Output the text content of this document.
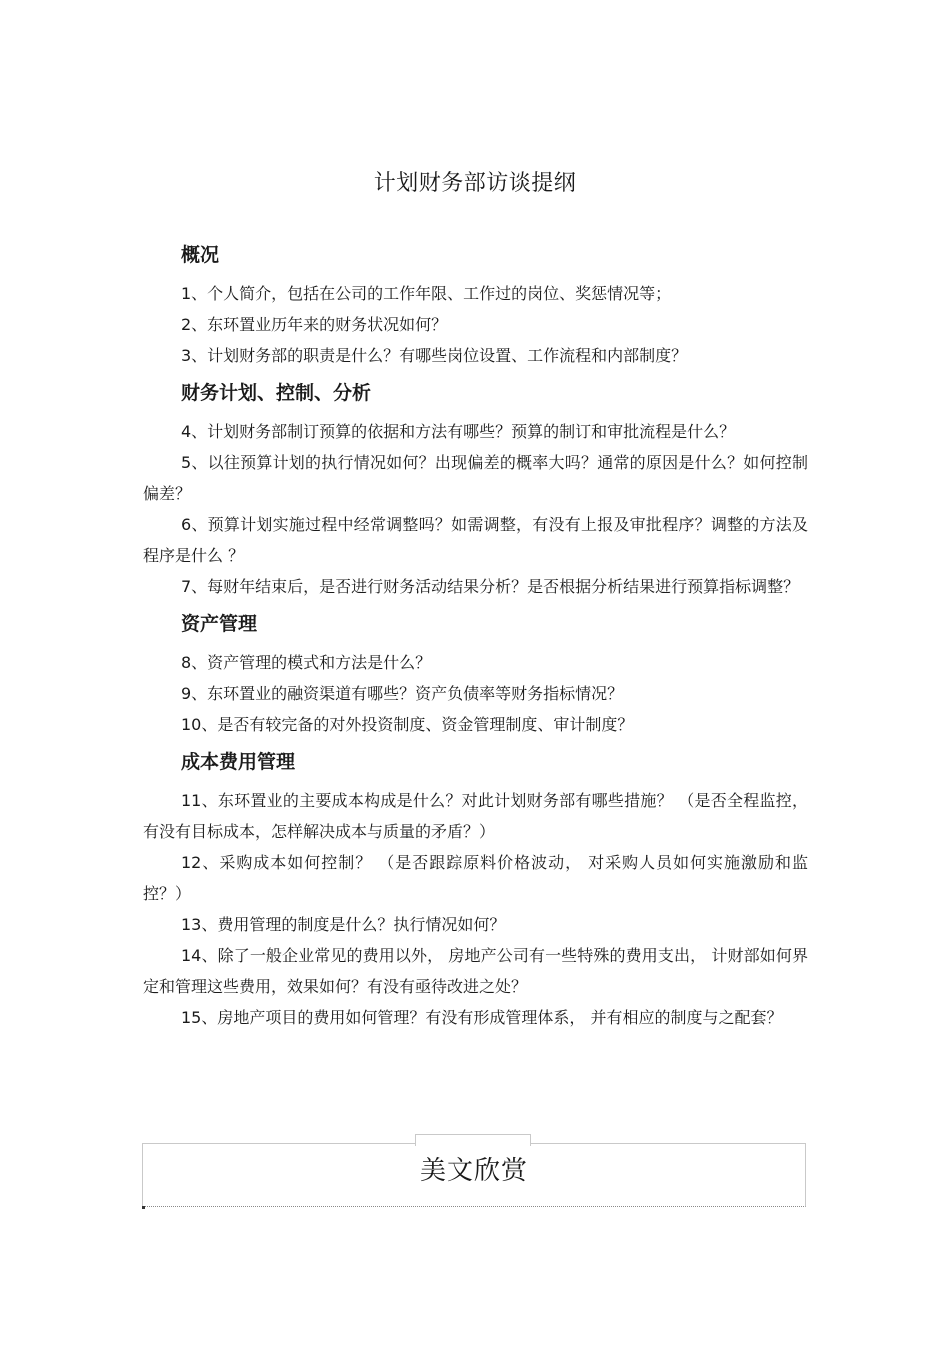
计划财务部访谈提纲
概况

1、个人简介，包括在公司的工作年限、工作过的岗位、奖惩情况等；

2、东环置业历年来的财务状况如何？

3、计划财务部的职责是什么？有哪些岗位设置、工作流程和内部制度？

财务计划、控制、分析

4、计划财务部制订预算的依据和方法有哪些？预算的制订和审批流程是什么？

5、以往预算计划的执行情况如何？出现偏差的概率大吗？通常的原因是什么？如何控制偏差？

6、预算计划实施过程中经常调整吗？如需调整，有没有上报及审批程序？调整的方法及程序是什么 ？

7、每财年结束后，是否进行财务活动结果分析？是否根据分析结果进行预算指标调整？

资产管理

8、资产管理的模式和方法是什么？

9、东环置业的融资渠道有哪些？资产负债率等财务指标情况？

10、是否有较完备的对外投资制度、资金管理制度、审计制度？

成本费用管理

11、东环置业的主要成本构成是什么？对此计划财务部有哪些措施？ （是否全程监控，有没有目标成本，怎样解决成本与质量的矛盾？）

12、采购成本如何控制？ （是否跟踪原料价格波动， 对采购人员如何实施激励和监控？）

13、费用管理的制度是什么？执行情况如何？

14、除了一般企业常见的费用以外， 房地产公司有一些特殊的费用支出， 计财部如何界定和管理这些费用，效果如何？有没有亟待改进之处？

15、房地产项目的费用如何管理？有没有形成管理体系， 并有相应的制度与之配套？

美文欣赏
